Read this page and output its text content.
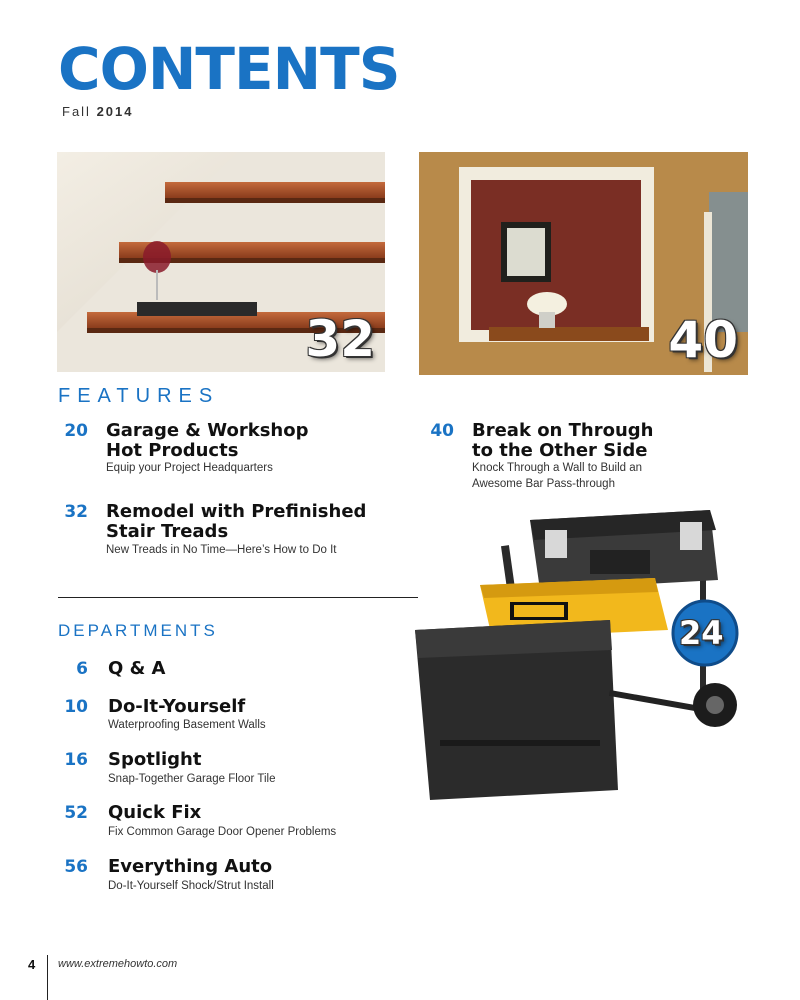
CONTENTS
Fall 2014
32	40
FEATURES
20 Garage & Workshop
Hot Products
Equip your Project Headquarters
32 Remodel with Prefinished
Stair Treads
New Treads in No Time—Here’s How to Do It
40 Break on Through
to the Other Side
Knock Through a Wall to Build an
Awesome Bar Pass-through
24
DEPARTMENTS
6 Q & A
10 Do-It-Yourself
Waterproofing Basement Walls
16 Spotlight
Snap-Together Garage Floor Tile
52 Quick Fix
Fix Common Garage Door Opener Problems
56 Everything Auto
Do-It-Yourself Shock/Strut Install
4 www.extremehowto.com
